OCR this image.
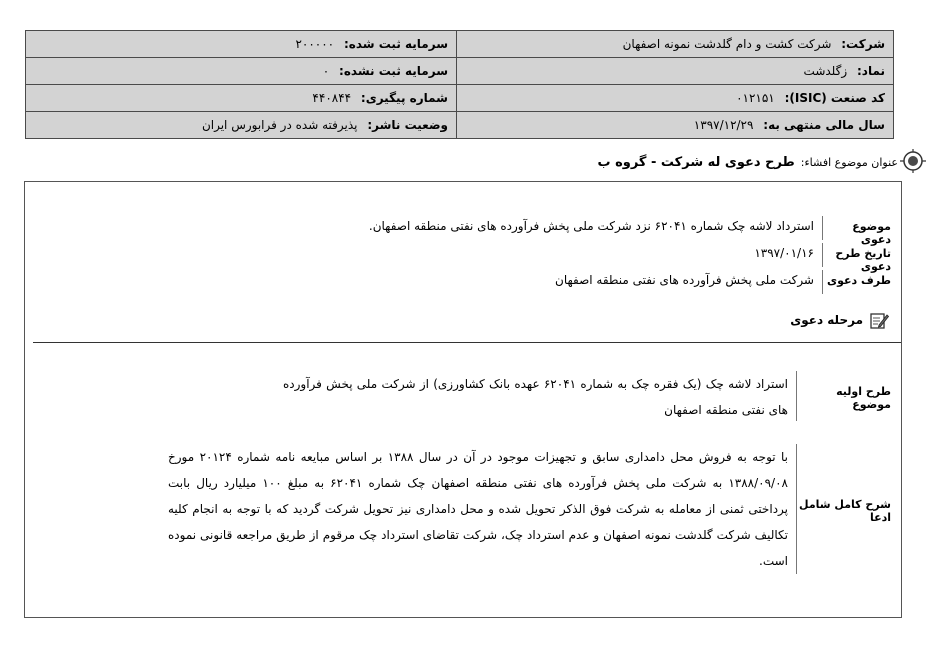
شرکت: شرکت کشت و دام گلدشت نمونه اصفهان	سرمایه ثبت شده: ۲۰۰۰۰۰
نماد: زگلدشت	سرمایه ثبت نشده: ۰
کد صنعت (ISIC): ۰۱۲۱۵۱	شماره پیگیری: ۴۴۰۸۴۴
سال مالی منتهی به: ۱۳۹۷/۱۲/۲۹	وضعیت ناشر: پذیرفته شده در فرابورس ایران
عنوان موضوع افشاء:
طرح دعوی له شرکت - گروه ب
موضوع دعوی
استرداد لاشه چک شماره ۶۲۰۴۱ نزد شرکت ملی پخش فرآورده های نفتی منطقه اصفهان.
تاریخ طرح دعوی
۱۳۹۷/۰۱/۱۶
طرف دعوی
شرکت ملی پخش فرآورده های نفتی منطقه اصفهان
مرحله دعوی
طرح اولیه موضوع
استراد لاشه چک (یک فقره چک به شماره ۶۲۰۴۱ عهده بانک کشاورزی) از شرکت ملی پخش فرآورده های نفتی منطقه اصفهان
شرح کامل شامل ادعا
با توجه به فروش محل دامداری سابق و تجهیزات موجود در آن در سال ۱۳۸۸ بر اساس مبایعه نامه شماره ۲۰۱۲۴ مورخ ۱۳۸۸/۰۹/۰۸ به شرکت ملی پخش فرآورده های نفتی منطقه اصفهان چک شماره ۶۲۰۴۱ به مبلغ ۱۰۰ میلیارد ریال بابت پرداختی ثمنی از معامله به شرکت فوق الذکر تحویل شده و محل دامداری نیز تحویل شرکت گردید که با توجه به انجام کلیه تکالیف شرکت گلدشت نمونه اصفهان و عدم استرداد چک، شرکت تقاضای استرداد چک مرقوم از طریق مراجعه قانونی نموده است.
